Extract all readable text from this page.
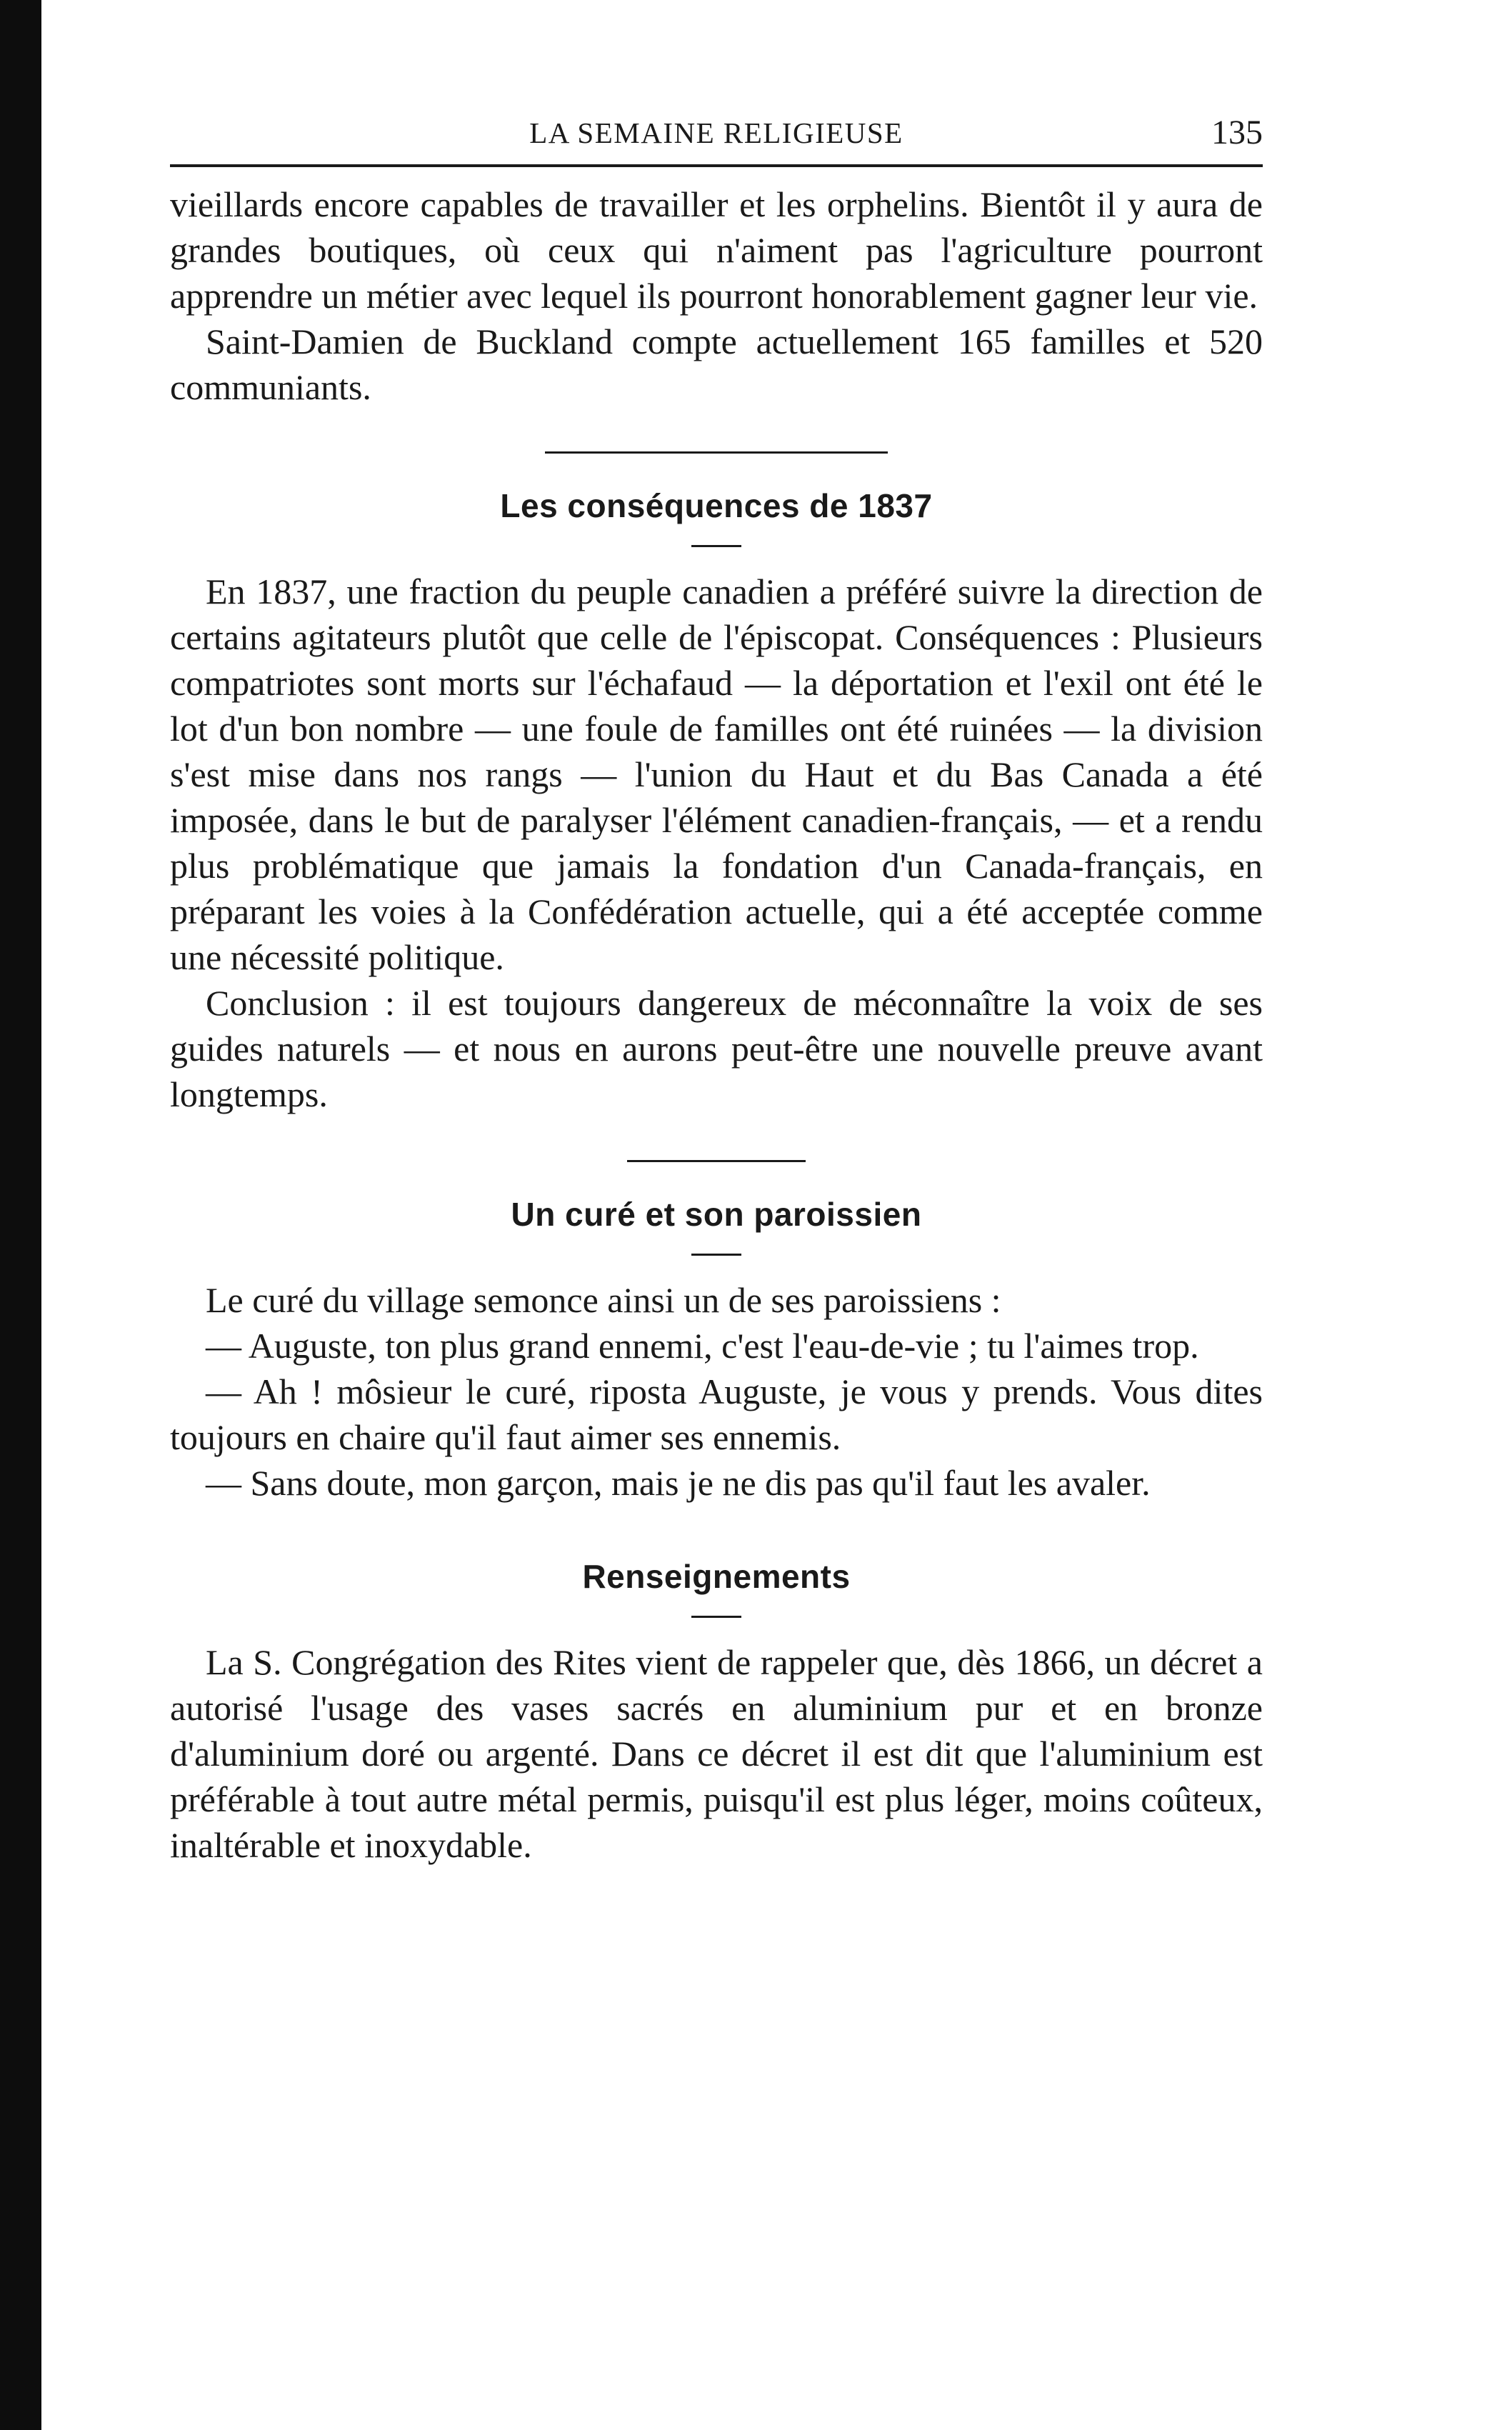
LA SEMAINE RELIGIEUSE	135

vieillards encore capables de travailler et les orphelins. Bientôt il y aura de grandes boutiques, où ceux qui n'aiment pas l'agriculture pourront apprendre un métier avec lequel ils pourront honorablement gagner leur vie.

Saint-Damien de Buckland compte actuellement 165 familles et 520 communiants.

Les conséquences de 1837

En 1837, une fraction du peuple canadien a préféré suivre la direction de certains agitateurs plutôt que celle de l'épiscopat. Conséquences : Plusieurs compatriotes sont morts sur l'échafaud — la déportation et l'exil ont été le lot d'un bon nombre — une foule de familles ont été ruinées — la division s'est mise dans nos rangs — l'union du Haut et du Bas Canada a été imposée, dans le but de paralyser l'élément canadien-français, — et a rendu plus problématique que jamais la fondation d'un Canada-français, en préparant les voies à la Confédération actuelle, qui a été acceptée comme une nécessité politique.

Conclusion : il est toujours dangereux de méconnaître la voix de ses guides naturels — et nous en aurons peut-être une nouvelle preuve avant longtemps.

Un curé et son paroissien

Le curé du village semonce ainsi un de ses paroissiens :

— Auguste, ton plus grand ennemi, c'est l'eau-de-vie ; tu l'aimes trop.

— Ah ! môsieur le curé, riposta Auguste, je vous y prends. Vous dites toujours en chaire qu'il faut aimer ses ennemis.

— Sans doute, mon garçon, mais je ne dis pas qu'il faut les avaler.

Renseignements

La S. Congrégation des Rites vient de rappeler que, dès 1866, un décret a autorisé l'usage des vases sacrés en aluminium pur et en bronze d'aluminium doré ou argenté. Dans ce décret il est dit que l'aluminium est préférable à tout autre métal permis, puisqu'il est plus léger, moins coûteux, inaltérable et inoxydable.
